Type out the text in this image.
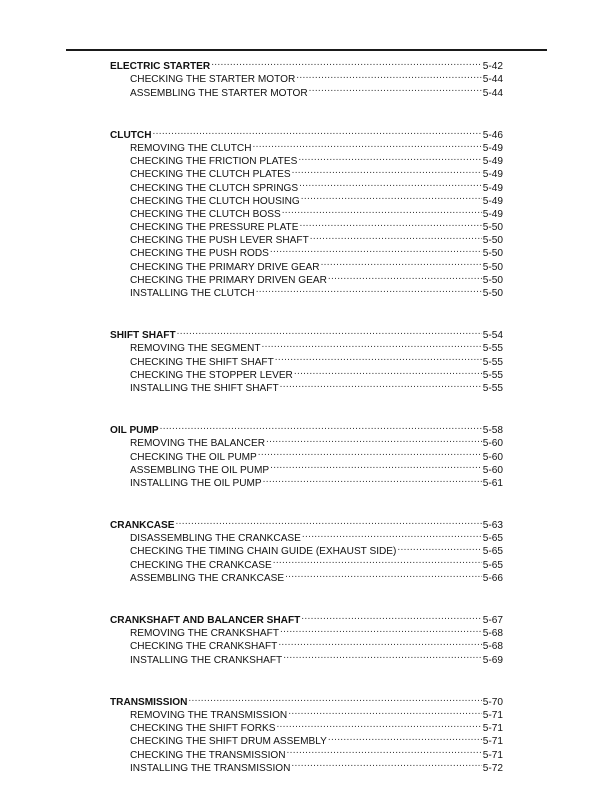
ELECTRIC STARTER .....	5-42
CHECKING THE STARTER MOTOR .....	5-44
ASSEMBLING THE STARTER MOTOR .....	5-44
CLUTCH .....	5-46
REMOVING THE CLUTCH .....	5-49
CHECKING THE FRICTION PLATES .....	5-49
CHECKING THE CLUTCH PLATES .....	5-49
CHECKING THE CLUTCH SPRINGS .....	5-49
CHECKING THE CLUTCH HOUSING .....	5-49
CHECKING THE CLUTCH BOSS .....	5-49
CHECKING THE PRESSURE PLATE .....	5-50
CHECKING THE PUSH LEVER SHAFT .....	5-50
CHECKING THE PUSH RODS .....	5-50
CHECKING THE PRIMARY DRIVE GEAR .....	5-50
CHECKING THE PRIMARY DRIVEN GEAR .....	5-50
INSTALLING THE CLUTCH .....	5-50
SHIFT SHAFT .....	5-54
REMOVING THE SEGMENT .....	5-55
CHECKING THE SHIFT SHAFT .....	5-55
CHECKING THE STOPPER LEVER .....	5-55
INSTALLING THE SHIFT SHAFT .....	5-55
OIL PUMP .....	5-58
REMOVING THE BALANCER .....	5-60
CHECKING THE OIL PUMP .....	5-60
ASSEMBLING THE OIL PUMP .....	5-60
INSTALLING THE OIL PUMP .....	5-61
CRANKCASE .....	5-63
DISASSEMBLING THE CRANKCASE .....	5-65
CHECKING THE TIMING CHAIN GUIDE (EXHAUST SIDE) .....	5-65
CHECKING THE CRANKCASE .....	5-65
ASSEMBLING THE CRANKCASE .....	5-66
CRANKSHAFT AND BALANCER SHAFT .....	5-67
REMOVING THE CRANKSHAFT .....	5-68
CHECKING THE CRANKSHAFT .....	5-68
INSTALLING THE CRANKSHAFT .....	5-69
TRANSMISSION .....	5-70
REMOVING THE TRANSMISSION .....	5-71
CHECKING THE SHIFT FORKS .....	5-71
CHECKING THE SHIFT DRUM ASSEMBLY .....	5-71
CHECKING THE TRANSMISSION .....	5-71
INSTALLING THE TRANSMISSION .....	5-72
